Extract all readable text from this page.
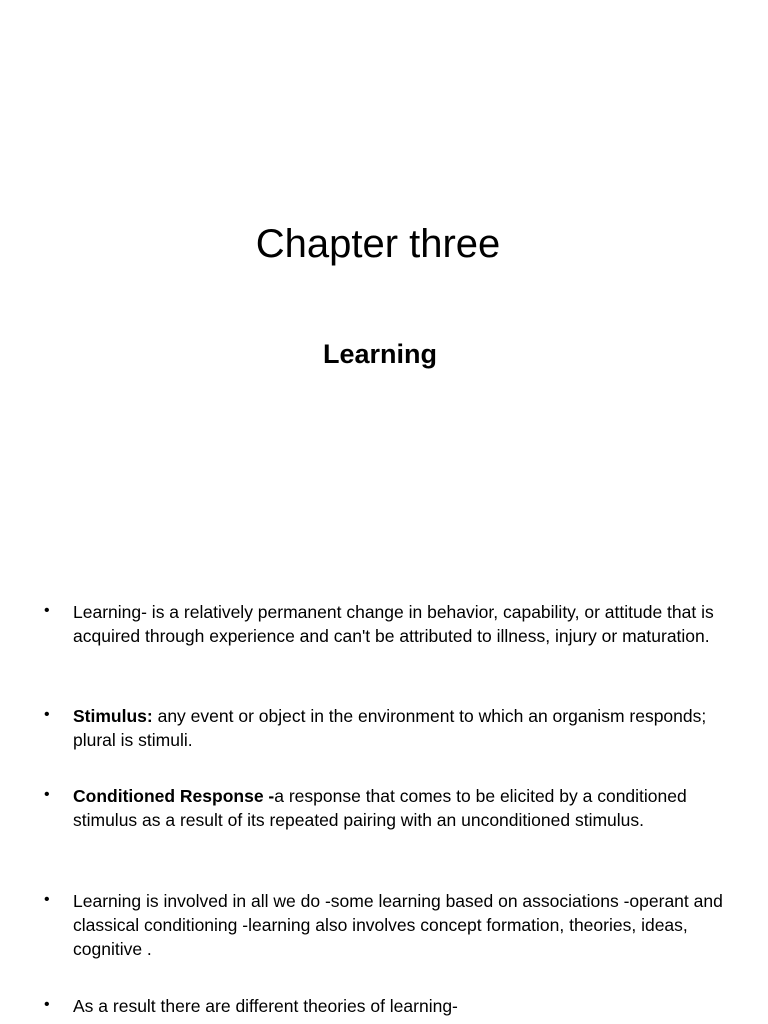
Chapter three
Learning
•	Learning- is a relatively permanent change in behavior, capability, or attitude that is acquired through experience and can't be attributed to illness, injury or maturation.
•	Stimulus: any event or object in the environment to which an organism responds; plural is stimuli.
•	Conditioned Response -a response that comes to be elicited by a conditioned stimulus as a result of its repeated pairing with an unconditioned stimulus.
•	Learning is involved in all we do -some learning based on associations -operant and classical conditioning -learning also involves concept formation, theories, ideas, cognitive .
•	As a result there are different theories of learning-
